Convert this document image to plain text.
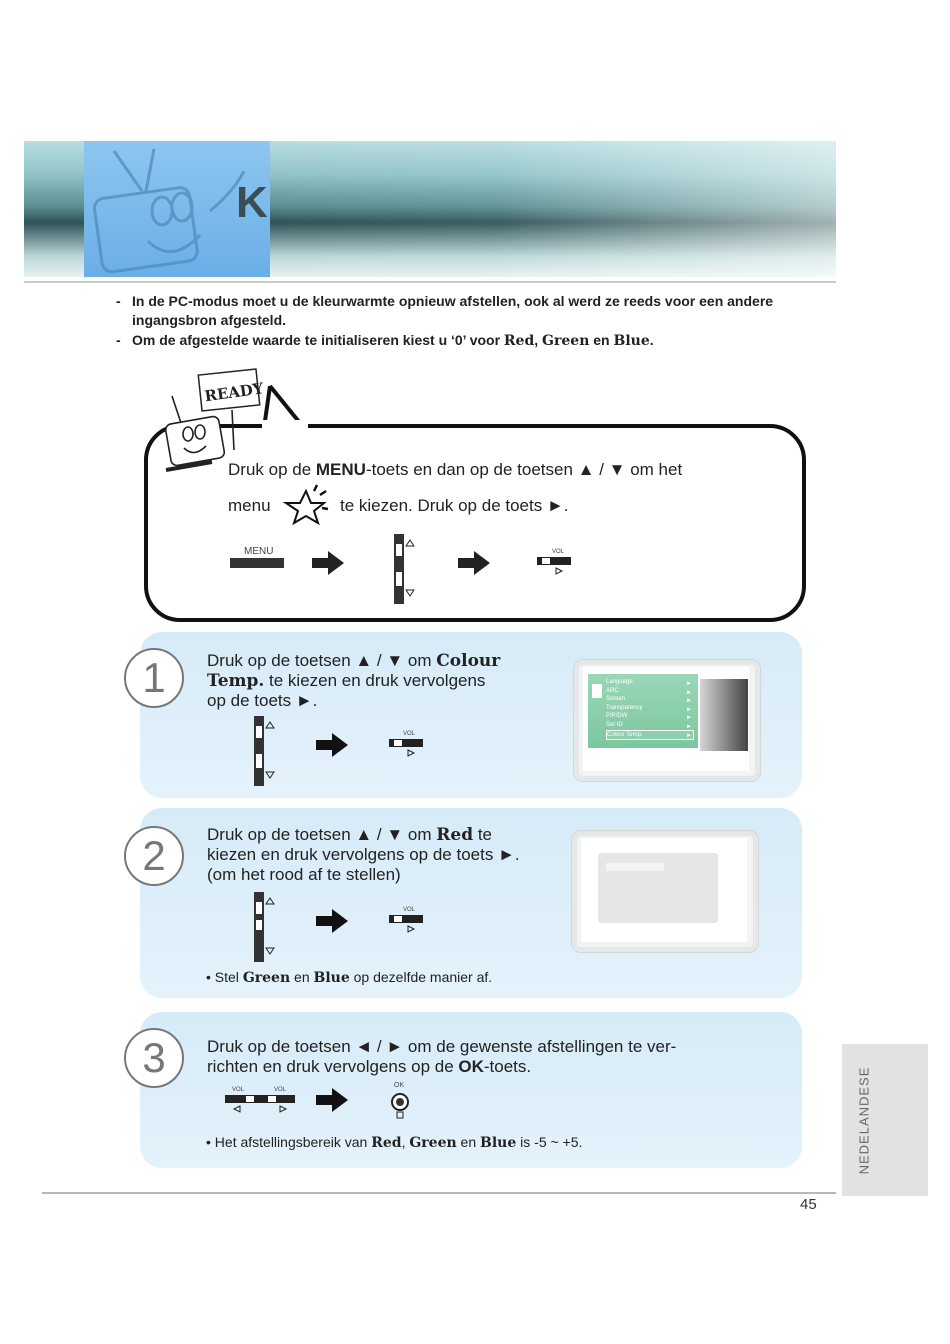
K
- In de PC-modus moet u de kleurwarmte opnieuw afstellen, ook al werd ze reeds voor een andere ingangsbron afgesteld.
- Om de afgestelde waarde te initialiseren kiest u ‘0’ voor Red, Green en Blue.
READY
Druk op de MENU-toets en dan op de toetsen ▲ / ▼ om het
menu	te kiezen. Druk op de toets ►.
MENU	VOL
1	Druk op de toetsen ▲ / ▼ om Colour
Temp. te kiezen en druk vervolgens
op de toets ►.
VOL
Language
ARC
Screen
Transparency
PIP/DW
Set ID
Colour Temp.
►
►
►
►
►
►
►
2	Druk op de toetsen ▲ / ▼ om Red te
kiezen en druk vervolgens op de toets ►.
(om het rood af te stellen)
VOL
• Stel Green en Blue op dezelfde manier af.
3	Druk op de toetsen ◄ / ► om de gewenste afstellingen te ver-
richten en druk vervolgens op de OK-toets.
VOL	VOL
OK
• Het afstellingsbereik van Red, Green en Blue is -5 ~ +5.	NEDELANDESE
45
